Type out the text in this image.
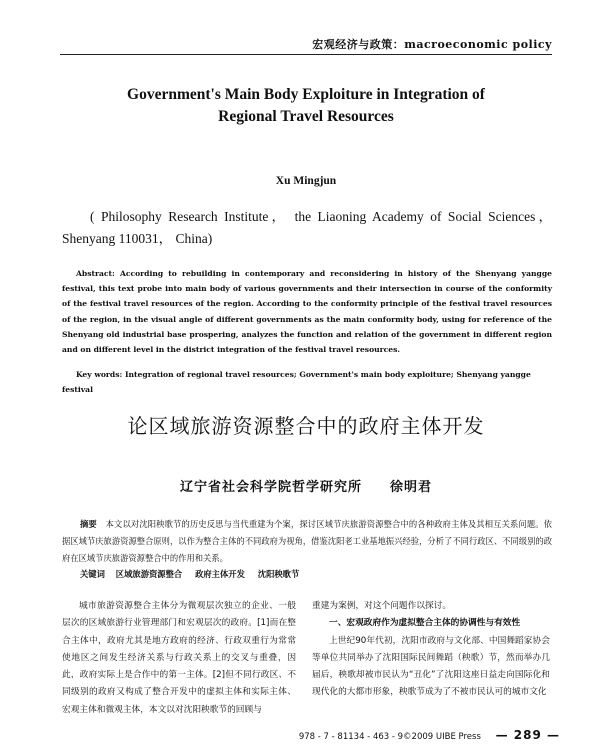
宏观经济与政策：macroeconomic policy
Government's Main Body Exploiture in Integration of
Regional Travel Resources
Xu Mingjun
( Philosophy Research Institute， the Liaoning Academy of Social Sciences， Shenyang 110031， China)
Abstract: According to rebuilding in contemporary and reconsidering in history of the Shenyang yangge festival, this text probe into main body of various governments and their intersection in course of the conformity of the festival travel resources of the region. According to the conformity principle of the festival travel resources of the region, in the visual angle of different governments as the main conformity body, using for reference of the Shenyang old industrial base prospering, analyzes the function and relation of the government in different region and on different level in the district integration of the festival travel resources.
Key words: Integration of regional travel resources; Government's main body exploiture; Shenyang yangge festival
论区域旅游资源整合中的政府主体开发
辽宁省社会科学院哲学研究所　　徐明君
摘要 本文以对沈阳秧歌节的历史反思与当代重建为个案，探讨区域节庆旅游资源整合中的各种政府主体及其相互关系问题。依据区域节庆旅游资源整合原则，以作为整合主体的不同政府为视角，借鉴沈阳老工业基地振兴经验，分析了不同行政区、不同级别的政府在区域节庆旅游资源整合中的作用和关系。
关键词 区域旅游资源整合 政府主体开发 沈阳秧歌节
城市旅游资源整合主体分为微观层次独立的企业、一般层次的区域旅游行业管理部门和宏观层次的政府。[1]而在整合主体中，政府尤其是地方政府的经济、行政双重行为常常使地区之间发生经济关系与行政关系上的交叉与重叠，因此，政府实际上是合作中的第一主体。[2]但不同行政区、不同级别的政府又构成了整合开发中的虚拟主体和实际主体、宏观主体和微观主体，本文以对沈阳秧歌节的回顾与

重建为案例，对这个问题作以探讨。

一、宏观政府作为虚拟整合主体的协调性与有效性

上世纪90年代初，沈阳市政府与文化部、中国舞蹈家协会等单位共同举办了沈阳国际民间舞蹈（秧歌）节，然而举办几届后，秧歌却被市民认为“丑化”了沈阳这座日益走向国际化和现代化的大都市形象，秧歌节成为了不被市民认可的城市文化

978 - 7 - 81134 - 463 - 9©2009 UIBE Press — 289 —
